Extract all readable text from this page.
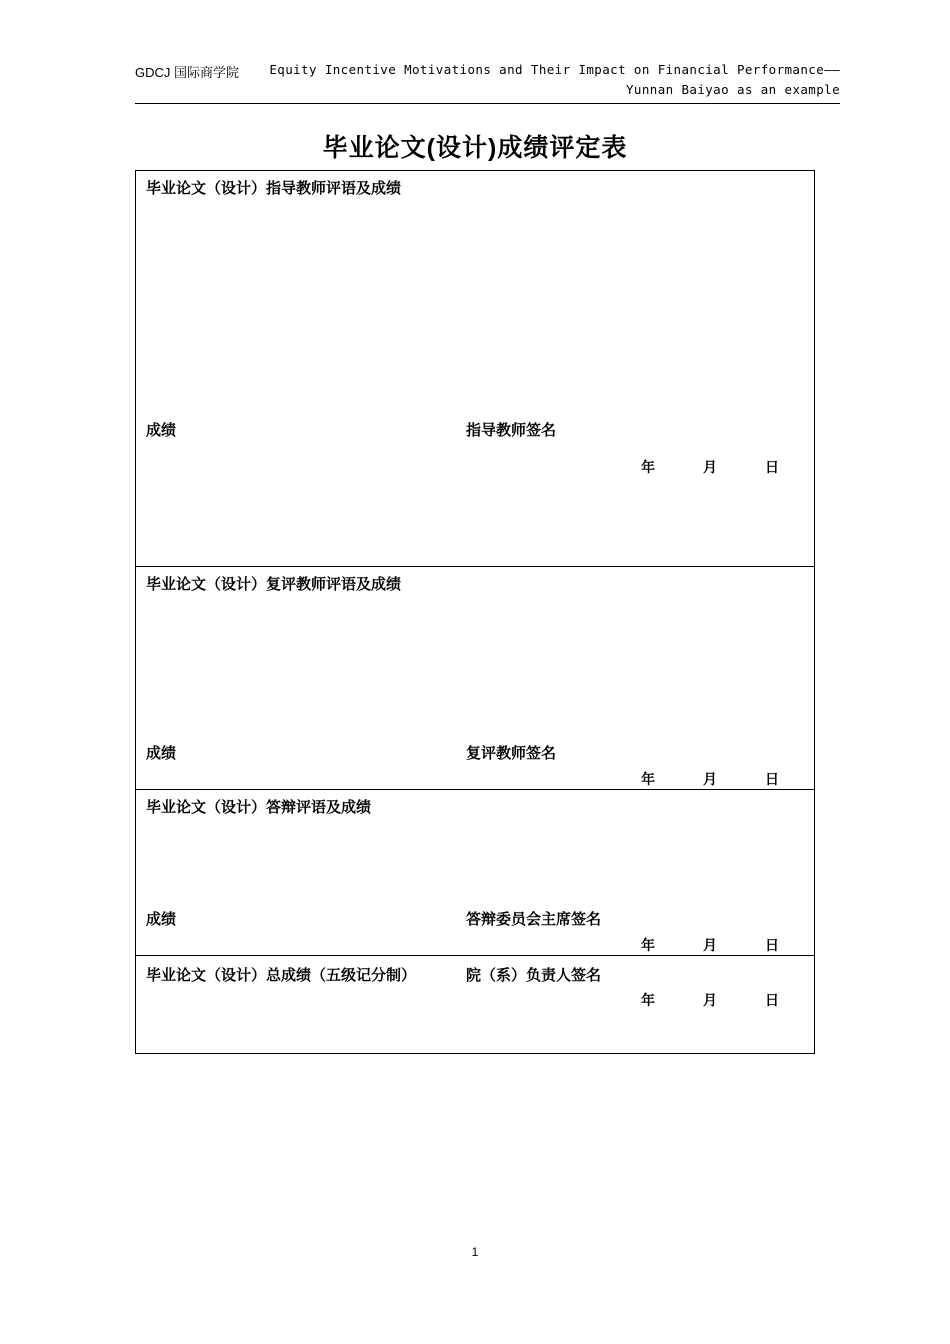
GDCJ 国际商学院	Equity Incentive Motivations and Their Impact on Financial Performance——
Yunnan Baiyao as an example
毕业论文(设计)成绩评定表
毕业论文（设计）指导教师评语及成绩
成绩	指导教师签名
年	月	日

毕业论文（设计）复评教师评语及成绩
成绩	复评教师签名
年	月	日

毕业论文（设计）答辩评语及成绩
成绩	答辩委员会主席签名
年	月	日

毕业论文（设计）总成绩（五级记分制）	院（系）负责人签名
年	月	日
1
